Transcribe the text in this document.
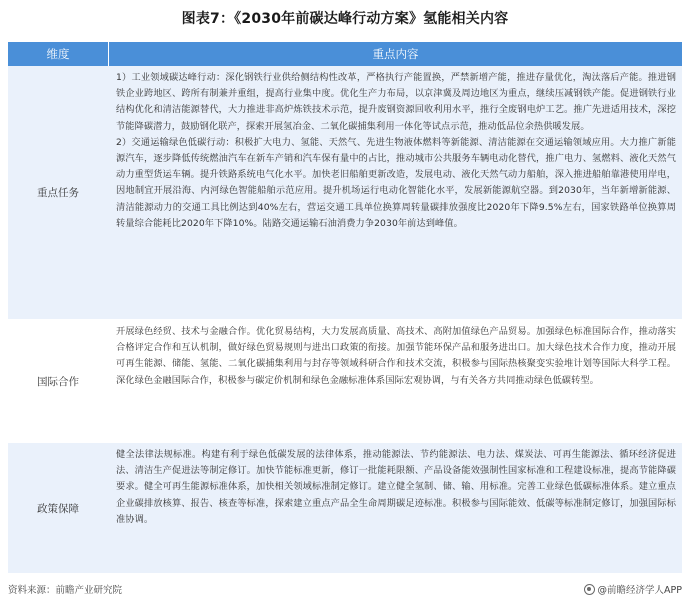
图表7：《2030年前碳达峰行动方案》氢能相关内容
维度	重点内容
重点任务

1）工业领域碳达峰行动：深化钢铁行业供给侧结构性改革，严格执行产能置换，严禁新增产能，推进存量优化，淘汰落后产能。推进钢铁企业跨地区、跨所有制兼并重组，提高行业集中度。优化生产力布局，以京津冀及周边地区为重点，继续压减钢铁产能。促进钢铁行业结构优化和清洁能源替代，大力推进非高炉炼铁技术示范，提升废钢资源回收利用水平，推行全废钢电炉工艺。推广先进适用技术，深挖节能降碳潜力，鼓励钢化联产，探索开展氢冶金、二氧化碳捕集利用一体化等试点示范，推动低品位余热供暖发展。

2）交通运输绿色低碳行动：积极扩大电力、氢能、天然气、先进生物液体燃料等新能源、清洁能源在交通运输领域应用。大力推广新能源汽车，逐步降低传统燃油汽车在新车产销和汽车保有量中的占比，推动城市公共服务车辆电动化替代，推广电力、氢燃料、液化天然气动力重型货运车辆。提升铁路系统电气化水平。加快老旧船舶更新改造，发展电动、液化天然气动力船舶，深入推进船舶靠港使用岸电，因地制宜开展沿海、内河绿色智能船舶示范应用。提升机场运行电动化智能化水平，发展新能源航空器。到2030年，当年新增新能源、清洁能源动力的交通工具比例达到40%左右，营运交通工具单位换算周转量碳排放强度比2020年下降9.5%左右，国家铁路单位换算周转量综合能耗比2020年下降10%。陆路交通运输石油消费力争2030年前达到峰值。

国际合作

开展绿色经贸、技术与金融合作。优化贸易结构，大力发展高质量、高技术、高附加值绿色产品贸易。加强绿色标准国际合作，推动落实合格评定合作和互认机制，做好绿色贸易规则与进出口政策的衔接。加强节能环保产品和服务进出口。加大绿色技术合作力度，推动开展可再生能源、储能、氢能、二氧化碳捕集利用与封存等领域科研合作和技术交流，积极参与国际热核聚变实验堆计划等国际大科学工程。深化绿色金融国际合作，积极参与碳定价机制和绿色金融标准体系国际宏观协调，与有关各方共同推动绿色低碳转型。

政策保障

健全法律法规标准。构建有利于绿色低碳发展的法律体系，推动能源法、节约能源法、电力法、煤炭法、可再生能源法、循环经济促进法、清洁生产促进法等制定修订。加快节能标准更新，修订一批能耗限额、产品设备能效强制性国家标准和工程建设标准，提高节能降碳要求。健全可再生能源标准体系，加快相关领域标准制定修订。建立健全氢制、储、输、用标准。完善工业绿色低碳标准体系。建立重点企业碳排放核算、报告、核查等标准，探索建立重点产品全生命周期碳足迹标准。积极参与国际能效、低碳等标准制定修订，加强国际标准协调。

资料来源：前瞻产业研究院	@前瞻经济学人APP
